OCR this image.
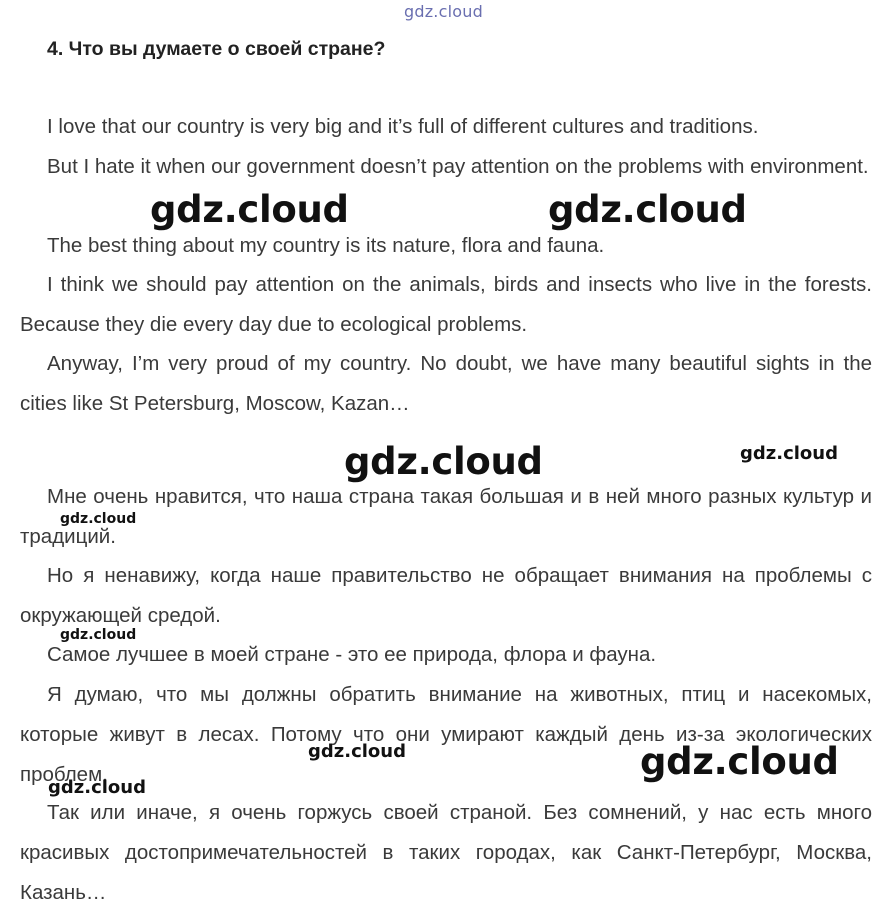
gdz.cloud
4. Что вы думаете о своей стране?

I love that our country is very big and it’s full of different cultures and traditions.

But I hate it when our government doesn’t pay attention on the problems with environment.

The best thing about my country is its nature, flora and fauna.

I think we should pay attention on the animals, birds and insects who live in the forests. Because they die every day due to ecological problems.

Anyway, I’m very proud of my country. No doubt, we have many beautiful sights in the cities like St Petersburg, Moscow, Kazan…

Мне очень нравится, что наша страна такая большая и в ней много разных культур и традиций.

Но я ненавижу, когда наше правительство не обращает внимания на проблемы с окружающей средой.

Самое лучшее в моей стране - это ее природа, флора и фауна.

Я думаю, что мы должны обратить внимание на животных, птиц и насекомых, которые живут в лесах. Потому что они умирают каждый день из-за экологических проблем.

Так или иначе, я очень горжусь своей страной. Без сомнений, у нас есть много красивых достопримечательностей в таких городах, как Санкт-Петербург, Москва, Казань…

gdz.cloud	gdz.cloud
gdz.cloud	gdz.cloud
gdz.cloud
gdz.cloud
gdz.cloud	gdz.cloud
gdz.cloud
